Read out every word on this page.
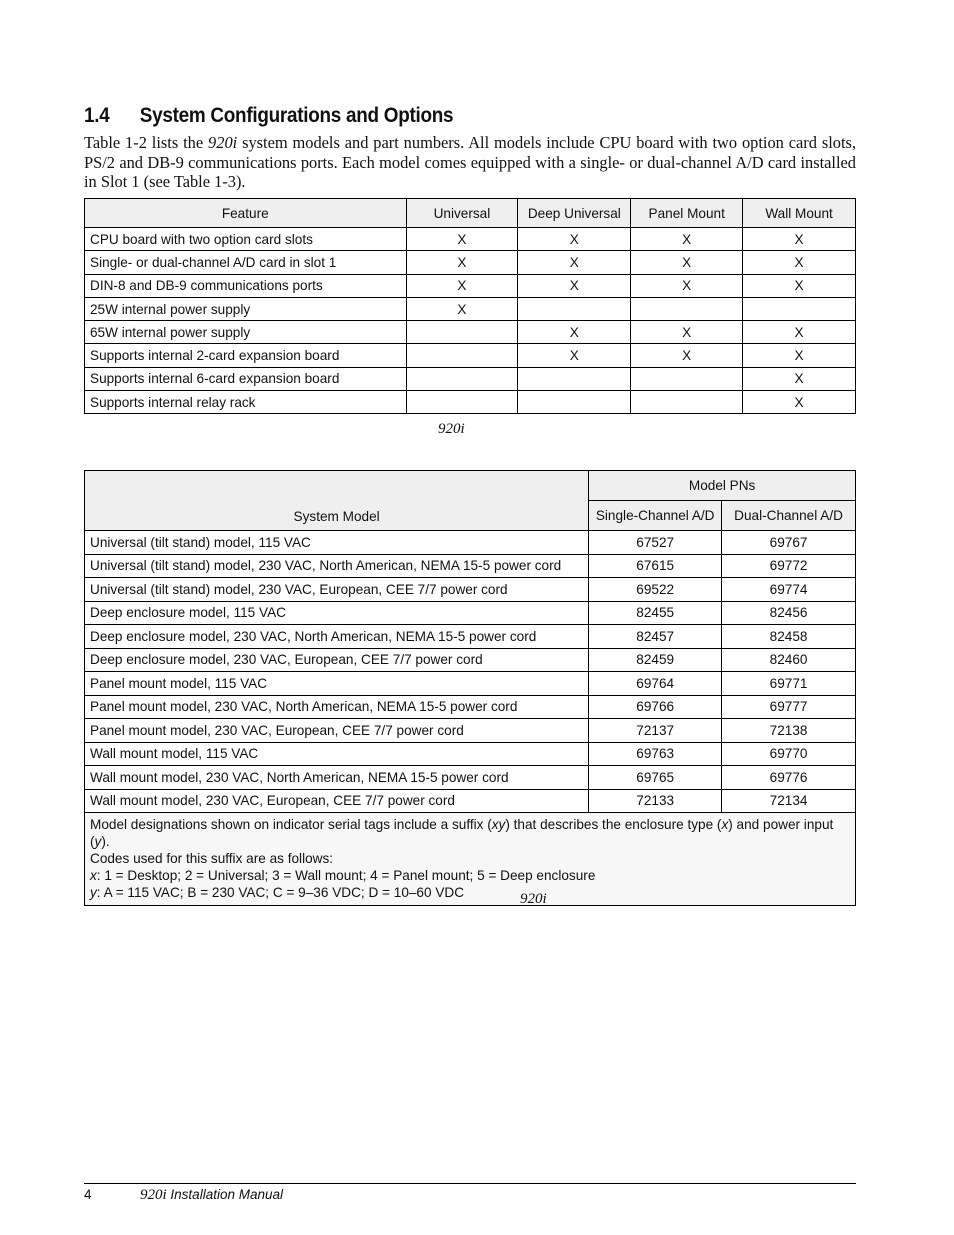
1.4 System Configurations and Options
Table 1-2 lists the 920i system models and part numbers. All models include CPU board with two option card slots, PS/2 and DB-9 communications ports. Each model comes equipped with a single- or dual-channel A/D card installed in Slot 1 (see Table 1-3).
Feature	Universal	Deep Universal	Panel Mount	Wall Mount
CPU board with two option card slots	X	X	X	X
Single- or dual-channel A/D card in slot 1	X	X	X	X
DIN-8 and DB-9 communications ports	X	X	X	X
25W internal power supply	X			
65W internal power supply		X	X	X
Supports internal 2-card expansion board		X	X	X
Supports internal 6-card expansion board				X
Supports internal relay rack				X
920i
System Model	Model PNs	
	Single-Channel A/D	Dual-Channel A/D
Universal (tilt stand) model, 115 VAC	67527	69767
Universal (tilt stand) model, 230 VAC, North American, NEMA 15-5 power cord	67615	69772
Universal (tilt stand) model, 230 VAC, European, CEE 7/7 power cord	69522	69774
Deep enclosure model, 115 VAC	82455	82456
Deep enclosure model, 230 VAC, North American, NEMA 15-5 power cord	82457	82458
Deep enclosure model, 230 VAC, European, CEE 7/7 power cord	82459	82460
Panel mount model, 115 VAC	69764	69771
Panel mount model, 230 VAC, North American, NEMA 15-5 power cord	69766	69777
Panel mount model, 230 VAC, European, CEE 7/7 power cord	72137	72138
Wall mount model, 115 VAC	69763	69770
Wall mount model, 230 VAC, North American, NEMA 15-5 power cord	69765	69776
Wall mount model, 230 VAC, European, CEE 7/7 power cord	72133	72134

Model designations shown on indicator serial tags include a suffix (xy) that describes the enclosure type (x) and power input (y).
Codes used for this suffix are as follows:
x: 1 = Desktop; 2 = Universal; 3 = Wall mount; 4 = Panel mount; 5 = Deep enclosure
y: A = 115 VAC; B = 230 VAC; C = 9–36 VDC; D = 10–60 VDC			920i
4	920i Installation Manual
